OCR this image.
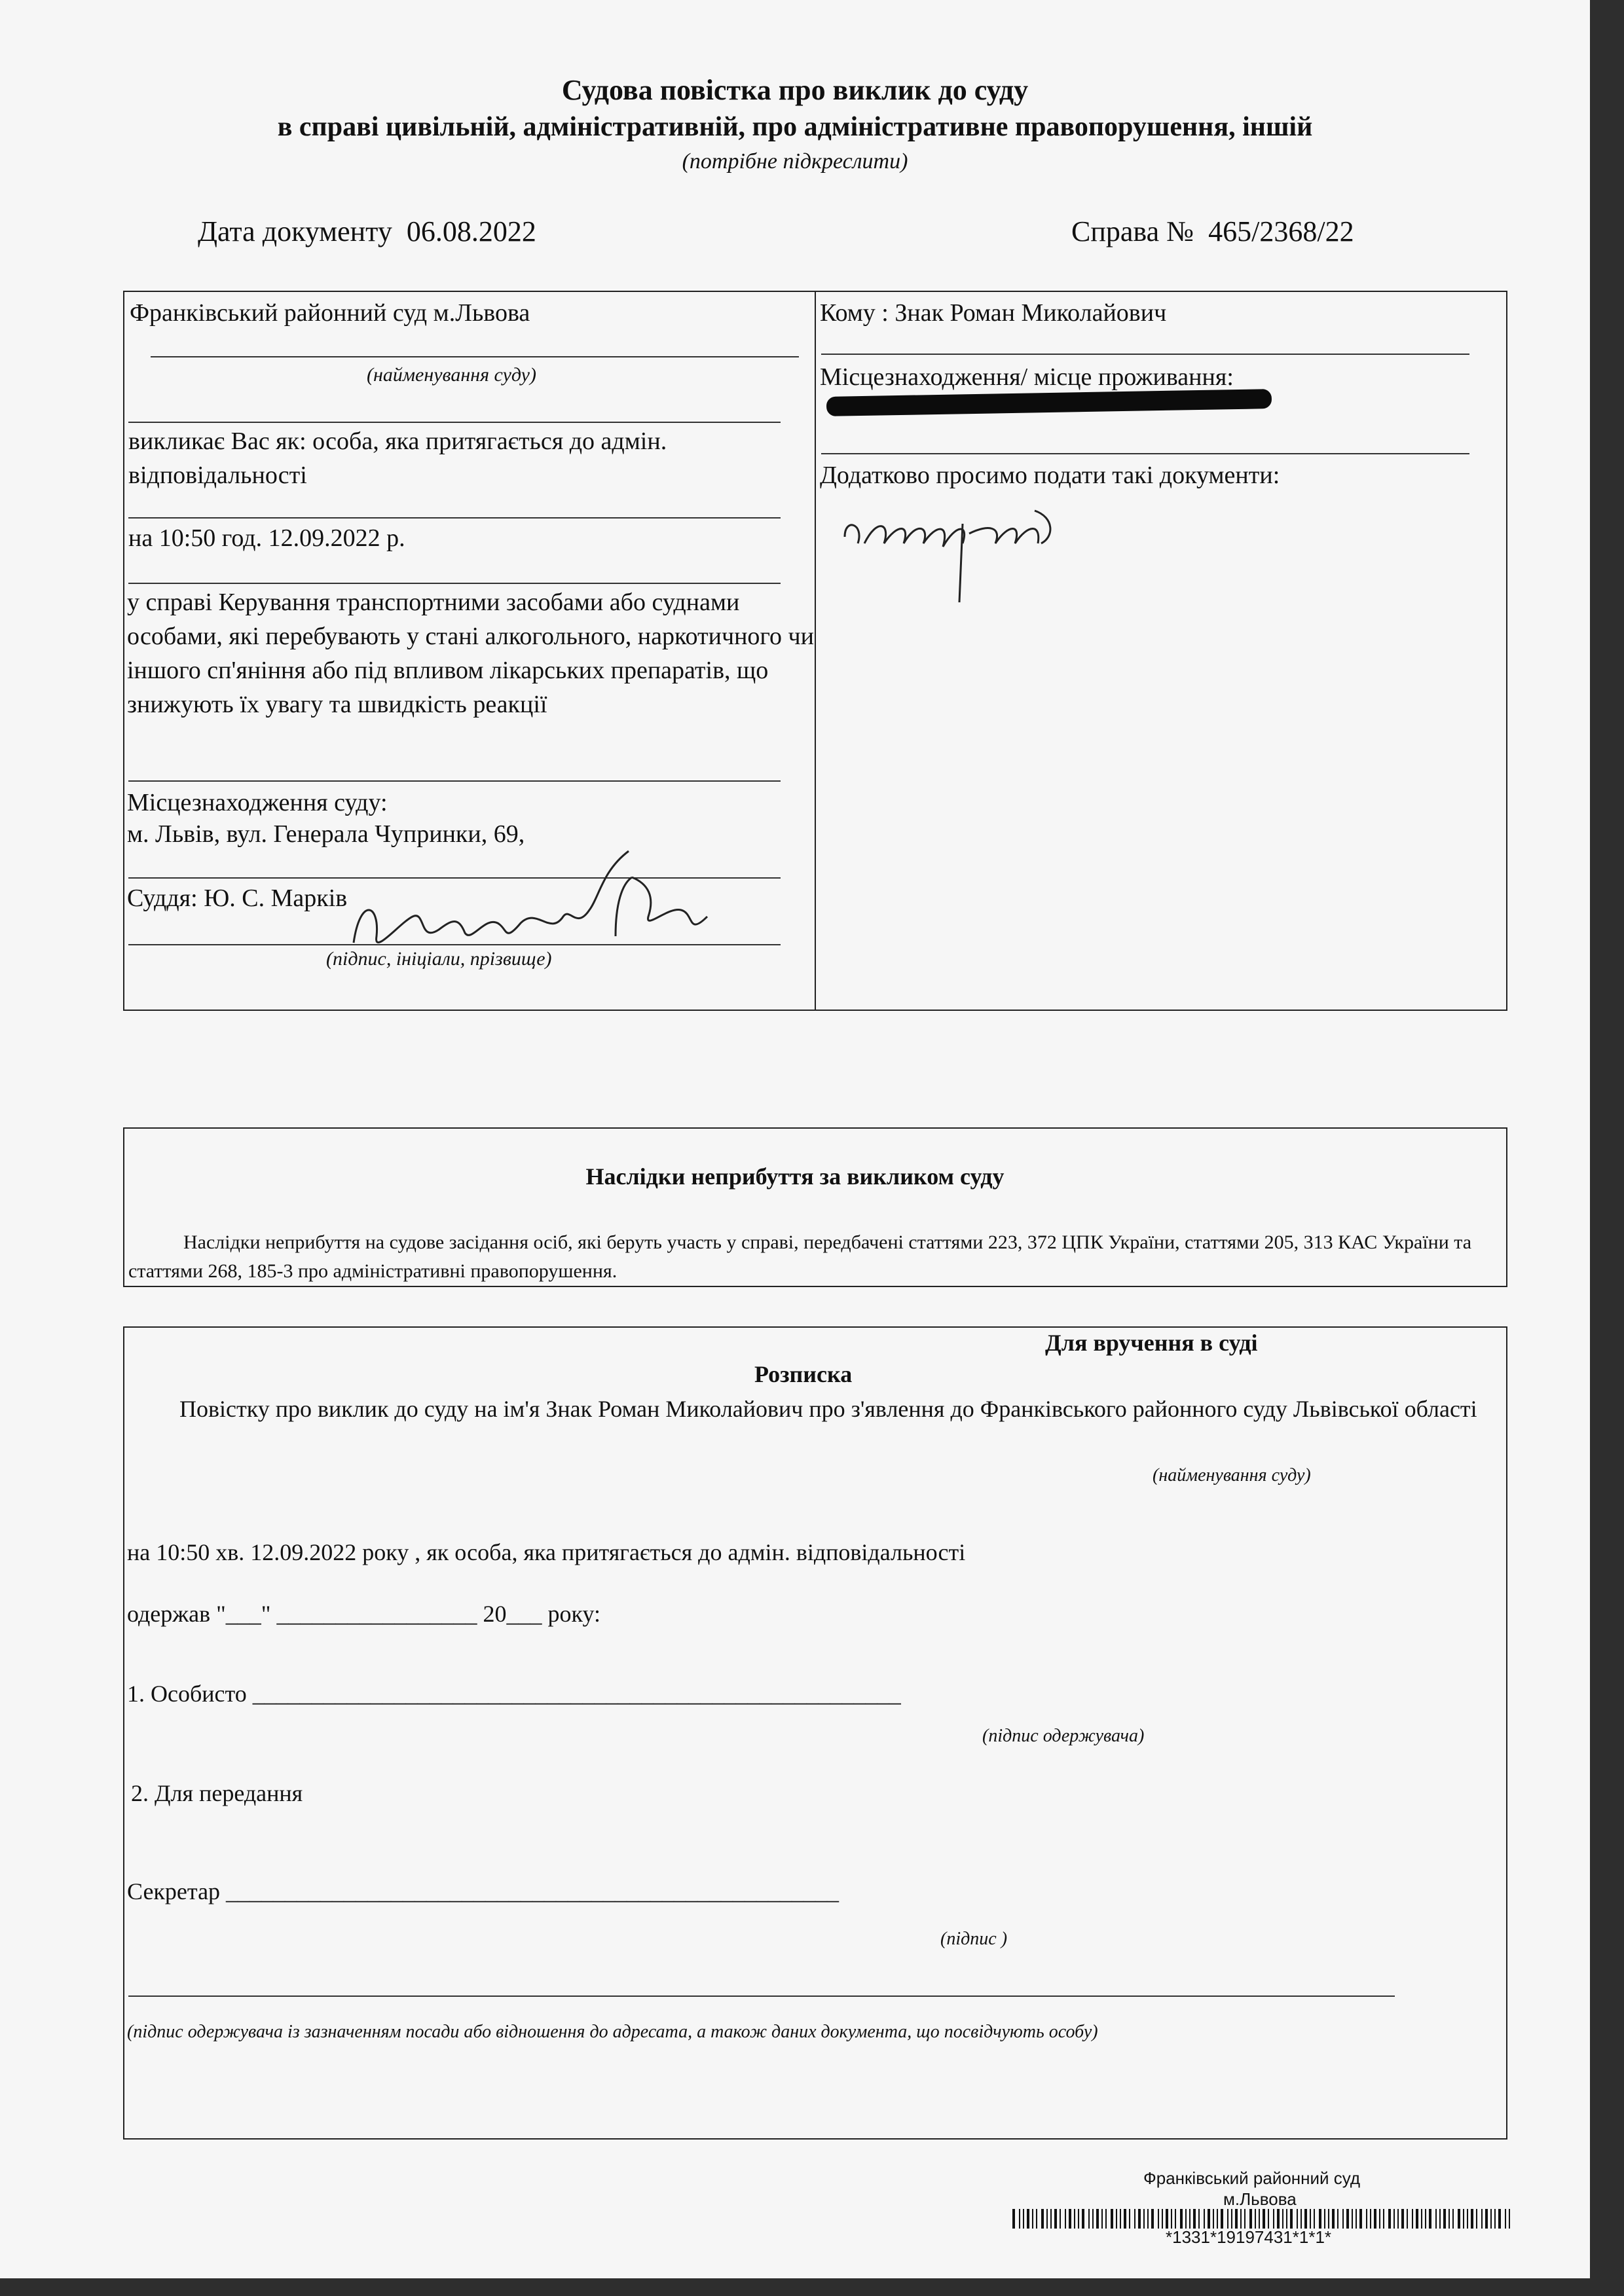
Судова повістка про виклик до суду
в справі цивільній, адміністративній, про адміністративне правопорушення, іншій
(потрібне підкреслити)
Дата документу 06.08.2022	Справа № 465/2368/22
Франківський районний суд м.Львова
(найменування суду)
викликає Вас як: особа, яка притягається до адмін. відповідальності
на 10:50 год. 12.09.2022 р.
у справі Керування транспортними засобами або суднами особами, які перебувають у стані алкогольного, наркотичного чи іншого сп'яніння або під впливом лікарських препаратів, що знижують їх увагу та швидкість реакції
Місцезнаходження суду:
м. Львів, вул. Генерала Чупринки, 69,
Суддя: Ю. С. Марків
(підпис, ініціали, прізвище)
Кому : Знак Роман Миколайович
Місцезнаходження/ місце проживання:
Додатково просимо подати такі документи:
Наслідки неприбуття за викликом суду
Наслідки неприбуття на судове засідання осіб, які беруть участь у справі, передбачені статтями 223, 372 ЦПК України, статтями 205, 313 КАС України та статтями 268, 185-3 про адміністративні правопорушення.
Для вручення в суді
Розписка
Повістку про виклик до суду на ім'я Знак Роман Миколайович про з'явлення до Франківського районного суду Львівської області
(найменування суду)
на 10:50 хв. 12.09.2022 року , як особа, яка притягається до адмін. відповідальності
одержав "___" _________________ 20___ року:
1. Особисто _______________________________________________________
(підпис одержувача)
2. Для передання
Секретар ____________________________________________________
(підпис )
(підпис одержувача із зазначенням посади або відношення до адресата, а також даних документа, що посвідчують особу)
Франківський районний суд
м.Львова
*1331*19197431*1*1*
